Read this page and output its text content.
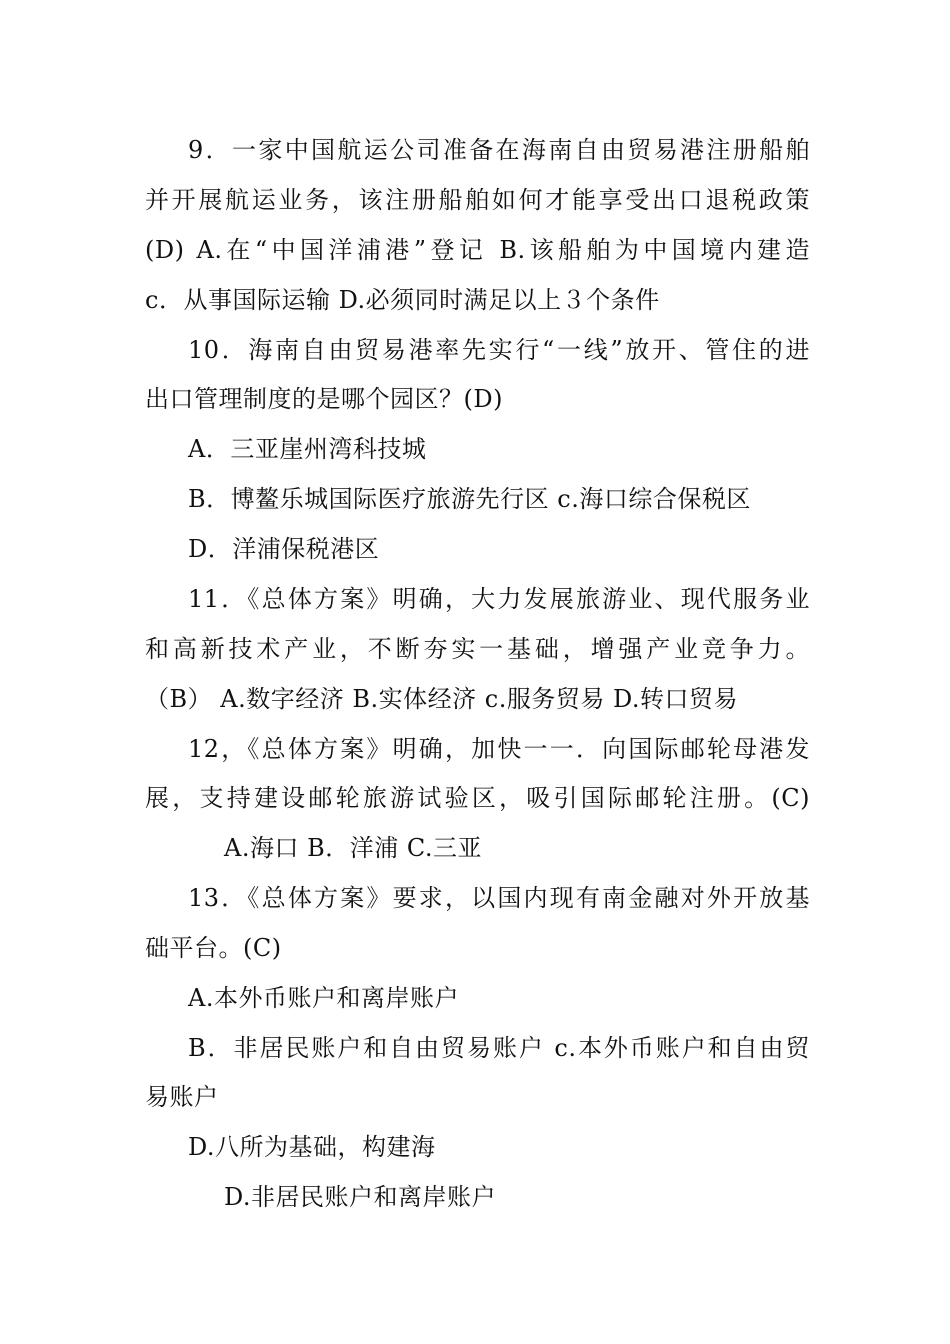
9．一家中国航运公司准备在海南自由贸易港注册船舶
并开展航运业务，该注册船舶如何才能享受出口退税政策
(D) A.在“中国洋浦港”登记 B.该船舶为中国境内建造
c．从事国际运输 D.必须同时满足以上３个条件
10．海南自由贸易港率先实行“一线”放开、管住的进
出口管理制度的是哪个园区？(D)
A．三亚崖州湾科技城
B．博鳌乐城国际医疗旅游先行区 c.海口综合保税区
D．洋浦保税港区
11．《总体方案》明确，大力发展旅游业、现代服务业
和高新技术产业，不断夯实一基础，增强产业竞争力。
（B） A.数字经济 B.实体经济 c.服务贸易 D.转口贸易
12，《总体方案》明确，加快一一．向国际邮轮母港发
展，支持建设邮轮旅游试验区，吸引国际邮轮注册。(C)
A.海口 B．洋浦 C.三亚
13．《总体方案》要求，以国内现有南金融对外开放基
础平台。(C)
A.本外币账户和离岸账户
B．非居民账户和自由贸易账户 c.本外币账户和自由贸
易账户
D.八所为基础，构建海
D.非居民账户和离岸账户
